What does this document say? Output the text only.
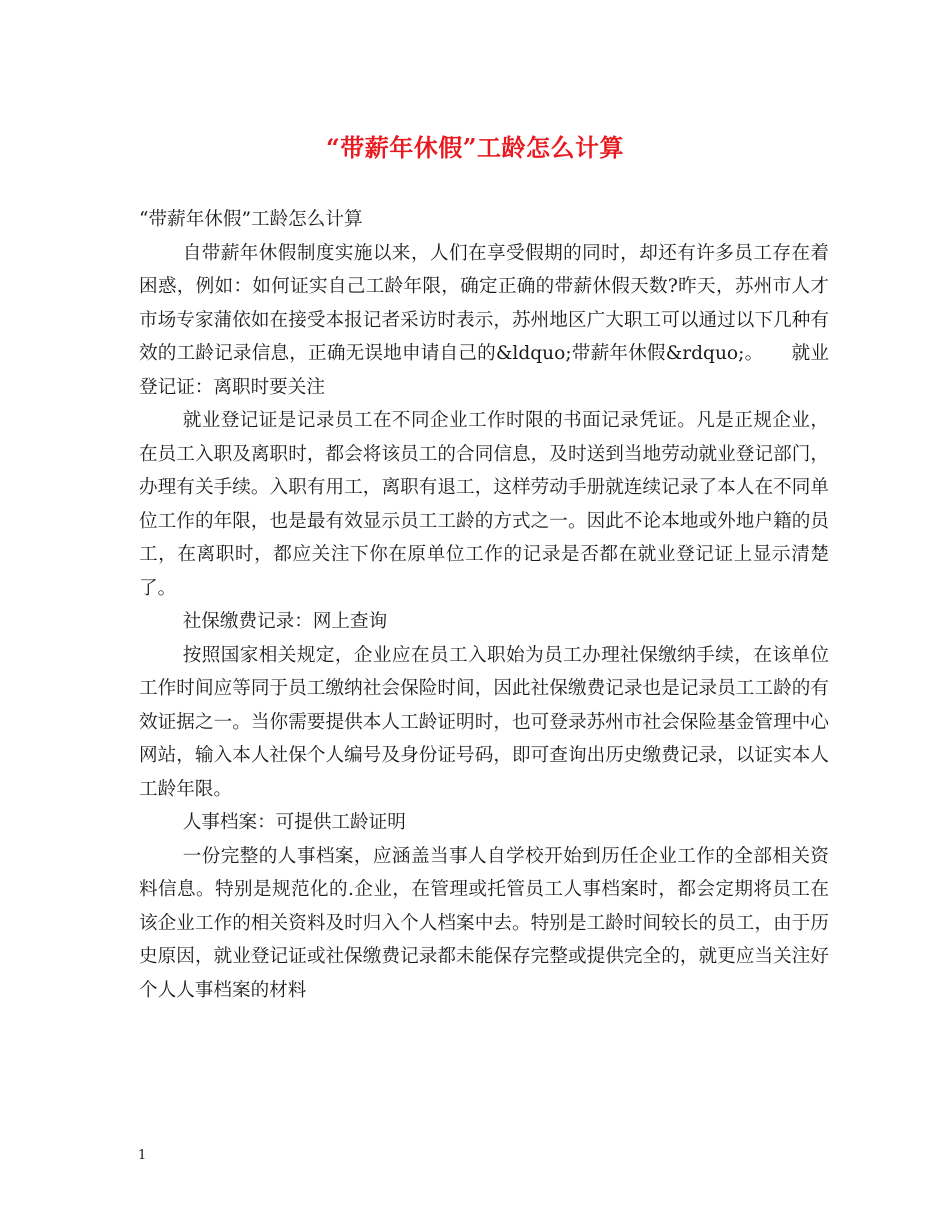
“带薪年休假”工龄怎么计算

“带薪年休假”工龄怎么计算

自带薪年休假制度实施以来，人们在享受假期的同时，却还有许多员工存在着困惑，例如：如何证实自己工龄年限，确定正确的带薪休假天数?昨天，苏州市人才市场专家蒲依如在接受本报记者采访时表示，苏州地区广大职工可以通过以下几种有效的工龄记录信息，正确无误地申请自己的&ldquo;带薪年休假&rdquo;。　　就业登记证：离职时要关注

就业登记证是记录员工在不同企业工作时限的书面记录凭证。凡是正规企业，在员工入职及离职时，都会将该员工的合同信息，及时送到当地劳动就业登记部门，办理有关手续。入职有用工，离职有退工，这样劳动手册就连续记录了本人在不同单位工作的年限，也是最有效显示员工工龄的方式之一。因此不论本地或外地户籍的员工，在离职时，都应关注下你在原单位工作的记录是否都在就业登记证上显示清楚了。

社保缴费记录：网上查询

按照国家相关规定，企业应在员工入职始为员工办理社保缴纳手续，在该单位工作时间应等同于员工缴纳社会保险时间，因此社保缴费记录也是记录员工工龄的有效证据之一。当你需要提供本人工龄证明时，也可登录苏州市社会保险基金管理中心网站，输入本人社保个人编号及身份证号码，即可查询出历史缴费记录，以证实本人工龄年限。

人事档案：可提供工龄证明

一份完整的人事档案，应涵盖当事人自学校开始到历任企业工作的全部相关资料信息。特别是规范化的.企业，在管理或托管员工人事档案时，都会定期将员工在该企业工作的相关资料及时归入个人档案中去。特别是工龄时间较长的员工，由于历史原因，就业登记证或社保缴费记录都未能保存完整或提供完全的，就更应当关注好个人人事档案的材料

1
